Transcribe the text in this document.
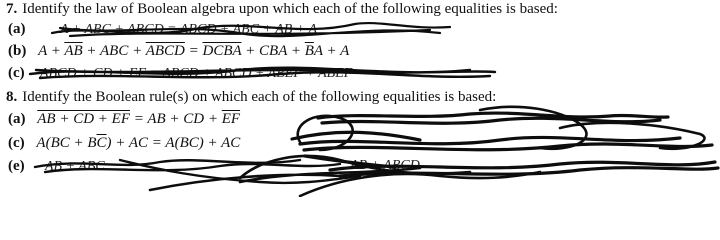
7. Identify the law of Boolean algebra upon which each of the following equalities is based:
(a)
(b) $A + \overline{AB}$ + ABC + ABCD = DCBA + CBA + $\overline{B}A + A$
(c)
8. Identify the Boolean rule(s) on which each of the following equalities is based:
(a) AB + CD + EF = AB + CD + $\overline{EF}$
(c) $A(BC + B\overline{C})$ + AC = A(BC) + AC
(e)
A + ABC + ABCD = ABCD + ABC + AB + A
ABCD + CD + EF = ABCD + ABCD + ABEF + ABEF
AB + ABC	AB + ABCD
